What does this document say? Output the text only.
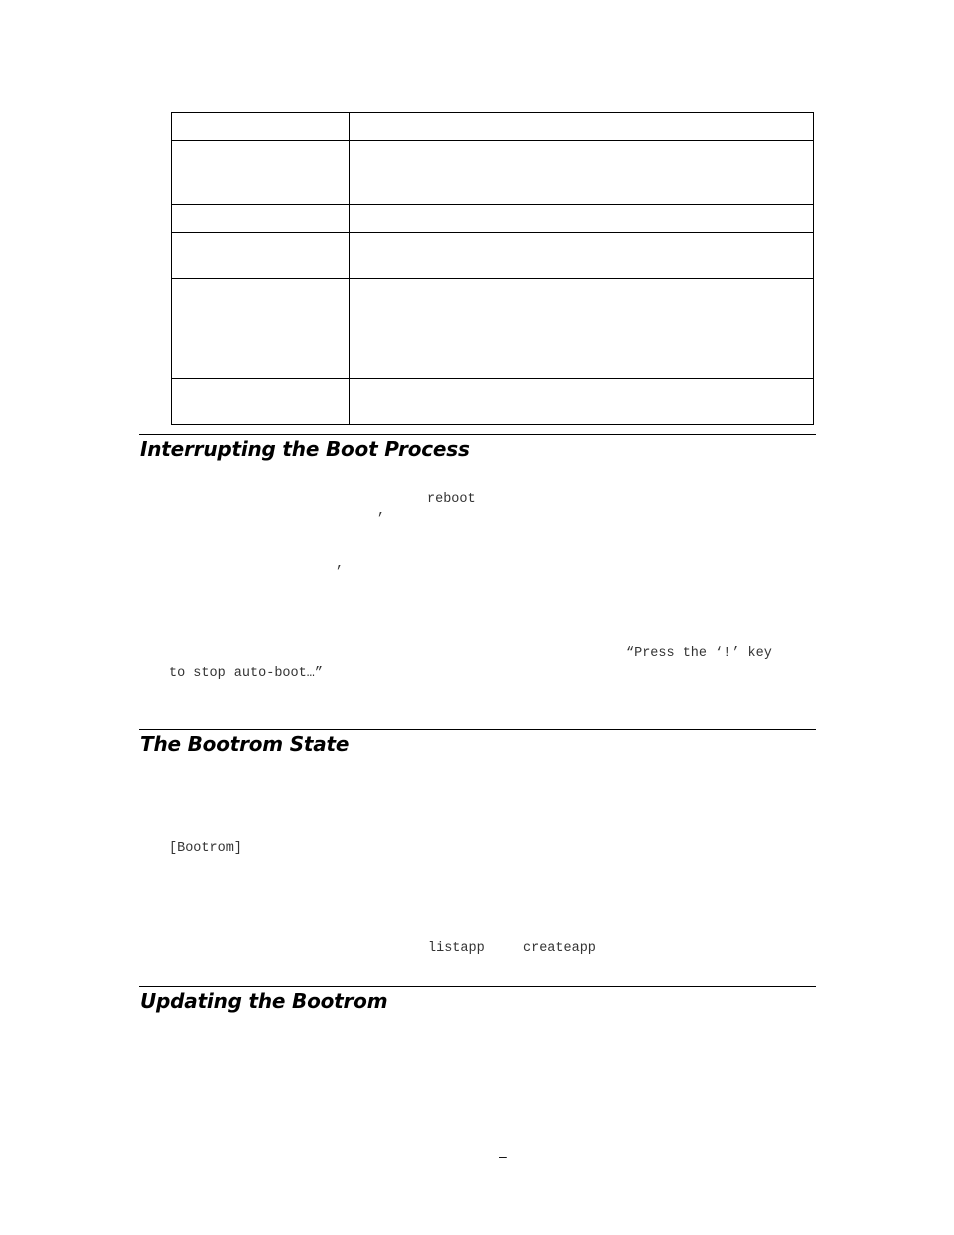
Interrupting the Boot Process
reboot
,
,
“Press the ‘!’ key
to stop auto-boot…”
The Bootrom State
[Bootrom]
listapp	createapp
Updating the Bootrom
–
